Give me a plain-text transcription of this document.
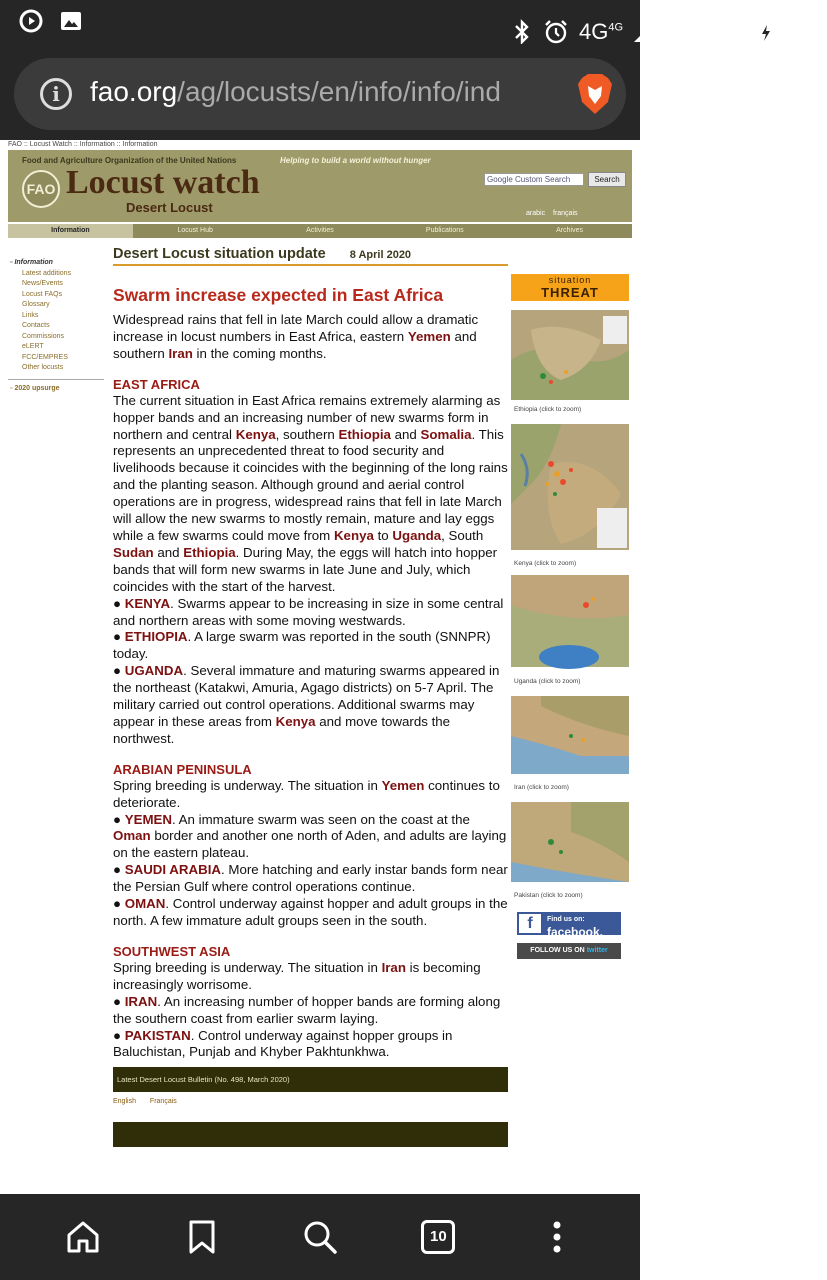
$4G^{4G}$ 3G	R
8:10 PM
i	fao.org/ag/locusts/en/info/info/ind
FAO :: Locust Watch :: Information :: Information
Food and Agriculture Organization of the United Nations	Helping to build a world without hunger
FAO Locust watch
Desert Locust
Google Custom Search	Search
arabic français
Information	Locust Hub	Activities	Publications	Archives
▫ Information
Latest additions
News/Events
Locust FAQs
Glossary
Links
Contacts
Commissions
eLERT
FCC/EMPRES
Other locusts
▫ 2020 upsurge
Desert Locust situation update 8 April 2020
Swarm increase expected in East Africa

Widespread rains that fell in late March could allow a dramatic increase in locust numbers in East Africa, eastern Yemen and southern Iran in the coming months.

EAST AFRICA
The current situation in East Africa remains extremely alarming as hopper bands and an increasing number of new swarms form in northern and central Kenya, southern Ethiopia and Somalia. This represents an unprecedented threat to food security and livelihoods because it coincides with the beginning of the long rains and the planting season. Although ground and aerial control operations are in progress, widespread rains that fell in late March will allow the new swarms to mostly remain, mature and lay eggs while a few swarms could move from Kenya to Uganda, South Sudan and Ethiopia. During May, the eggs will hatch into hopper bands that will form new swarms in late June and July, which coincides with the start of the harvest.
● KENYA. Swarms appear to be increasing in size in some central and northern areas with some moving westwards.
● ETHIOPIA. A large swarm was reported in the south (SNNPR) today.
● UGANDA. Several immature and maturing swarms appeared in the northeast (Katakwi, Amuria, Agago districts) on 5-7 April. The military carried out control operations. Additional swarms may appear in these areas from Kenya and move towards the northwest.
ARABIAN PENINSULA
Spring breeding is underway. The situation in Yemen continues to deteriorate.
● YEMEN. An immature swarm was seen on the coast at the Oman border and another one north of Aden, and adults are laying on the eastern plateau.
● SAUDI ARABIA. More hatching and early instar bands form near the Persian Gulf where control operations continue.
● OMAN. Control underway against hopper and adult groups in the north. A few immature adult groups seen in the south.
SOUTHWEST ASIA
Spring breeding is underway. The situation in Iran is becoming increasingly worrisome.
● IRAN. An increasing number of hopper bands are forming along the southern coast from earlier swarm laying.
● PAKISTAN. Control underway against hopper groups in Baluchistan, Punjab and Khyber Pakhtunkhwa.
Latest Desert Locust Bulletin (No. 498, March 2020)
English Français
situation
THREAT
Ethiopia (click to zoom)
Kenya (click to zoom)
Uganda (click to zoom)
Iran (click to zoom)
Pakistan (click to zoom)
f	Find us on:
facebook.
FOLLOW US ON twitter
10
